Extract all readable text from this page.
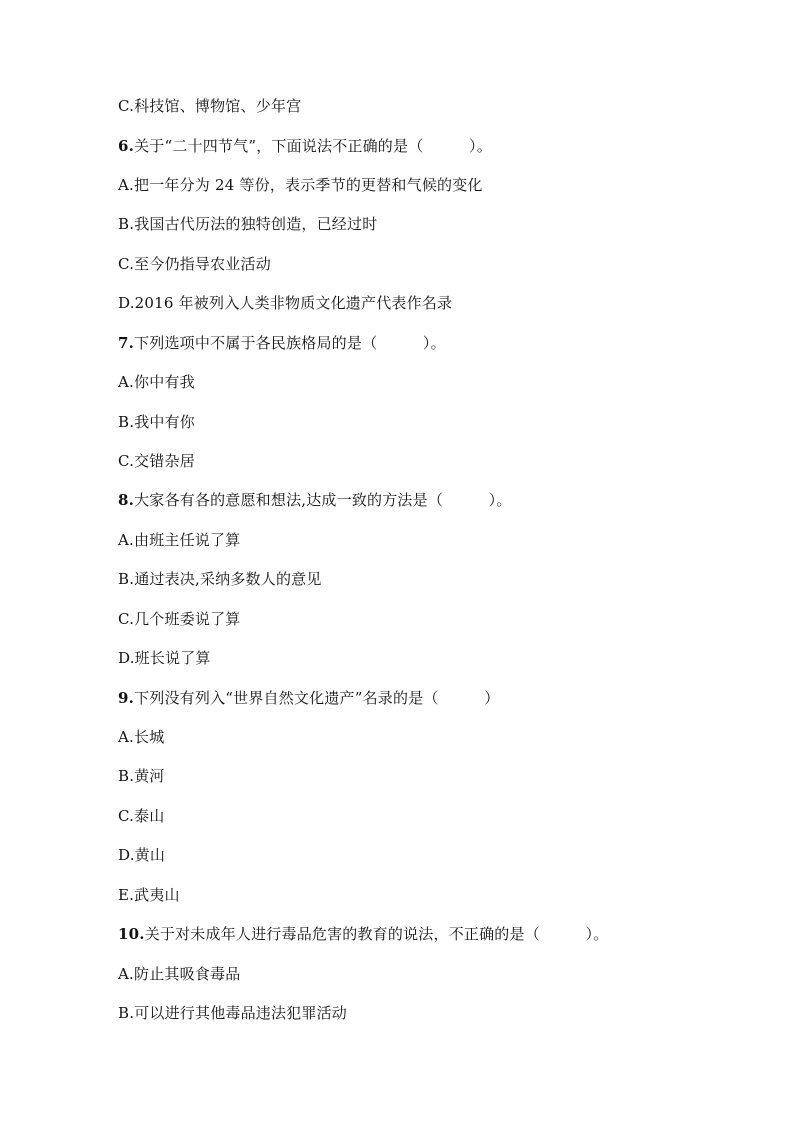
C.科技馆、博物馆、少年宫
6.关于“二十四节气”，下面说法不正确的是（　　　）。
A.把一年分为 24 等份，表示季节的更替和气候的变化
B.我国古代历法的独特创造，已经过时
C.至今仍指导农业活动
D.2016 年被列入人类非物质文化遗产代表作名录
7.下列选项中不属于各民族格局的是（　　　）。
A.你中有我
B.我中有你
C.交错杂居
8.大家各有各的意愿和想法,达成一致的方法是（　　　）。
A.由班主任说了算
B.通过表决,采纳多数人的意见
C.几个班委说了算
D.班长说了算
9.下列没有列入“世界自然文化遗产”名录的是（　　　）
A.长城
B.黄河
C.泰山
D.黄山
E.武夷山
10.关于对未成年人进行毒品危害的教育的说法，不正确的是（　　　）。
A.防止其吸食毒品
B.可以进行其他毒品违法犯罪活动
